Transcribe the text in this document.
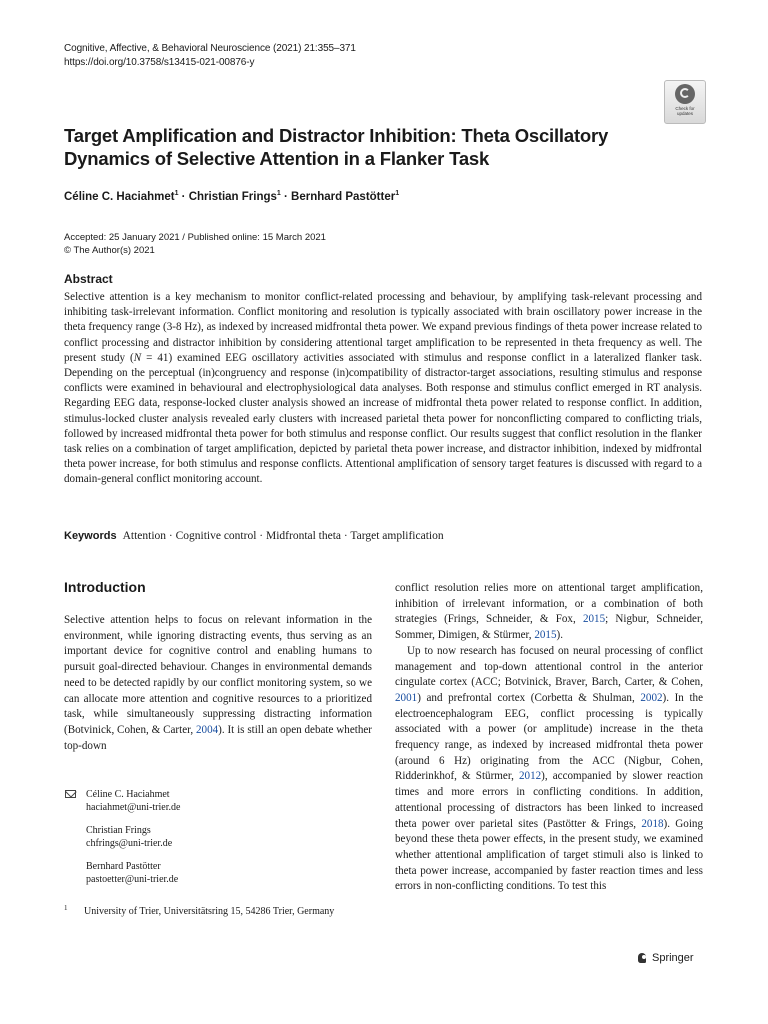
Cognitive, Affective, & Behavioral Neuroscience (2021) 21:355–371
https://doi.org/10.3758/s13415-021-00876-y
Check for
updates
Target Amplification and Distractor Inhibition: Theta Oscillatory
Dynamics of Selective Attention in a Flanker Task
Céline C. Haciahmet$^1$ · Christian Frings$^1$ · Bernhard Pastötter$^1$
Accepted: 25 January 2021 / Published online: 15 March 2021
© The Author(s) 2021
Abstract
Selective attention is a key mechanism to monitor conflict-related processing and behaviour, by amplifying task-relevant processing and inhibiting task-irrelevant information. Conflict monitoring and resolution is typically associated with brain oscillatory power increase in the theta frequency range (3-8 Hz), as indexed by increased midfrontal theta power. We expand previous findings of theta power increase related to conflict processing and distractor inhibition by considering attentional target amplification to be represented in theta frequency as well. The present study (N = 41) examined EEG oscillatory activities associated with stimulus and response conflict in a lateralized flanker task. Depending on the perceptual (in)congruency and response (in)compatibility of distractor-target associations, resulting stimulus and response conflicts were examined in behavioural and electrophysiological data analyses. Both response and stimulus conflict emerged in RT analysis. Regarding EEG data, response-locked cluster analysis showed an increase of midfrontal theta power related to response conflict. In addition, stimulus-locked cluster analysis revealed early clusters with increased parietal theta power for nonconflicting compared to conflicting trials, followed by increased midfrontal theta power for both stimulus and response conflict. Our results suggest that conflict resolution in the flanker task relies on a combination of target amplification, depicted by parietal theta power increase, and distractor inhibition, indexed by midfrontal theta power increase, for both stimulus and response conflicts. Attentional amplification of sensory target features is discussed with regard to a domain-general conflict monitoring account.
Keywords Attention · Cognitive control · Midfrontal theta · Target amplification
Introduction
Selective attention helps to focus on relevant information in the environment, while ignoring distracting events, thus serving as an important device for cognitive control and enabling humans to pursuit goal-directed behaviour. Changes in environmental demands need to be detected rapidly by our conflict monitoring system, so we can allocate more attention and cognitive resources to a prioritized task, while simultaneously suppressing distracting information (Botvinick, Cohen, & Carter, 2004). It is still an open debate whether top-down
conflict resolution relies more on attentional target amplification, inhibition of irrelevant information, or a combination of both strategies (Frings, Schneider, & Fox, 2015; Nigbur, Schneider, Sommer, Dimigen, & Stürmer, 2015).
Up to now research has focused on neural processing of conflict management and top-down attentional control in the anterior cingulate cortex (ACC; Botvinick, Braver, Barch, Carter, & Cohen, 2001) and prefrontal cortex (Corbetta & Shulman, 2002). In the electroencephalogram EEG, conflict processing is typically associated with a power (or amplitude) increase in the theta frequency range, as indexed by increased midfrontal theta power (around 6 Hz) originating from the ACC (Nigbur, Cohen, Ridderinkhof, & Stürmer, 2012), accompanied by slower reaction times and more errors in conflicting conditions. In addition, attentional processing of distractors has been linked to increased theta power over parietal sites (Pastötter & Frings, 2018). Going beyond these theta power effects, in the present study, we examined whether attentional amplification of target stimuli also is linked to theta power increase, accompanied by faster reaction times and less errors in non-conflicting conditions. To test this
Céline C. Haciahmet
haciahmet@uni-trier.de
Christian Frings
chfrings@uni-trier.de
Bernhard Pastötter
pastoetter@uni-trier.de
1 University of Trier, Universitätsring 15, 54286 Trier, Germany
Springer
